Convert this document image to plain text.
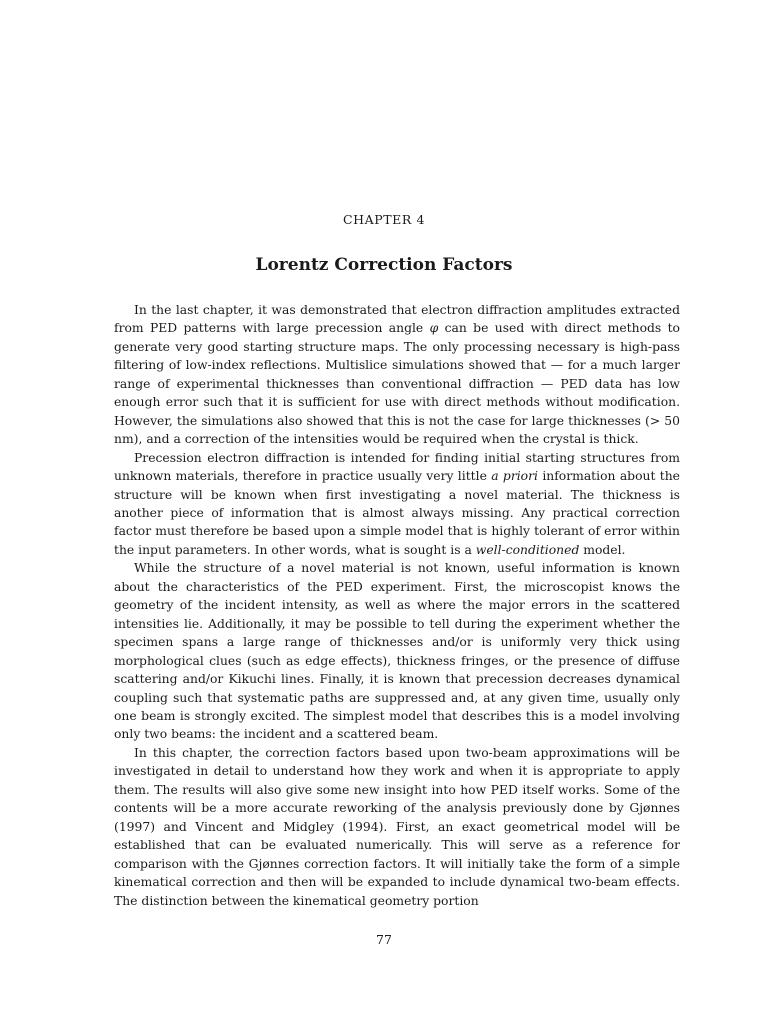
CHAPTER 4
Lorentz Correction Factors

In the last chapter, it was demonstrated that electron diffraction amplitudes extracted from PED patterns with large precession angle φ can be used with direct methods to generate very good starting structure maps. The only processing necessary is high-pass filtering of low-index reflections. Multislice simulations showed that — for a much larger range of experimental thicknesses than conventional diffraction — PED data has low enough error such that it is sufficient for use with direct methods without modification. However, the simulations also showed that this is not the case for large thicknesses (> 50 nm), and a correction of the intensities would be required when the crystal is thick.

Precession electron diffraction is intended for finding initial starting structures from unknown materials, therefore in practice usually very little a priori information about the structure will be known when first investigating a novel material. The thickness is another piece of information that is almost always missing. Any practical correction factor must therefore be based upon a simple model that is highly tolerant of error within the input parameters. In other words, what is sought is a well-conditioned model.

While the structure of a novel material is not known, useful information is known about the characteristics of the PED experiment. First, the microscopist knows the geometry of the incident intensity, as well as where the major errors in the scattered intensities lie. Additionally, it may be possible to tell during the experiment whether the specimen spans a large range of thicknesses and/or is uniformly very thick using morphological clues (such as edge effects), thickness fringes, or the presence of diffuse scattering and/or Kikuchi lines. Finally, it is known that precession decreases dynamical coupling such that systematic paths are suppressed and, at any given time, usually only one beam is strongly excited. The simplest model that describes this is a model involving only two beams: the incident and a scattered beam.

In this chapter, the correction factors based upon two-beam approximations will be investigated in detail to understand how they work and when it is appropriate to apply them. The results will also give some new insight into how PED itself works. Some of the contents will be a more accurate reworking of the analysis previously done by Gjønnes (1997) and Vincent and Midgley (1994). First, an exact geometrical model will be established that can be evaluated numerically. This will serve as a reference for comparison with the Gjønnes correction factors. It will initially take the form of a simple kinematical correction and then will be expanded to include dynamical two-beam effects. The distinction between the kinematical geometry portion

77
